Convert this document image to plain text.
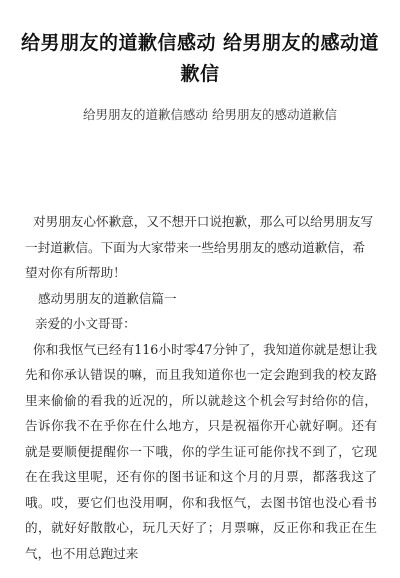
给男朋友的道歉信感动 给男朋友的感动道歉信

给男朋友的道歉信感动 给男朋友的感动道歉信

对男朋友心怀歉意，又不想开口说抱歉，那么可以给男朋友写一封道歉信。下面为大家带来一些给男朋友的感动道歉信，希望对你有所帮助！

感动男朋友的道歉信篇一

亲爱的小文哥哥：

你和我怄气已经有116小时零47分钟了，我知道你就是想让我先和你承认错误的嘛，而且我知道你也一定会跑到我的校友路里来偷偷的看我的近况的，所以就趁这个机会写封给你的信，告诉你我不在乎你在什么地方，只是祝福你开心就好啊。还有就是要顺便提醒你一下哦，你的学生证可能你找不到了，它现在在我这里呢，还有你的图书证和这个月的月票，都落我这了哦。哎，要它们也没用啊，你和我怄气，去图书馆也没心看书的，就好好散散心，玩几天好了；月票嘛，反正你和我正在生气，也不用总跑过来
